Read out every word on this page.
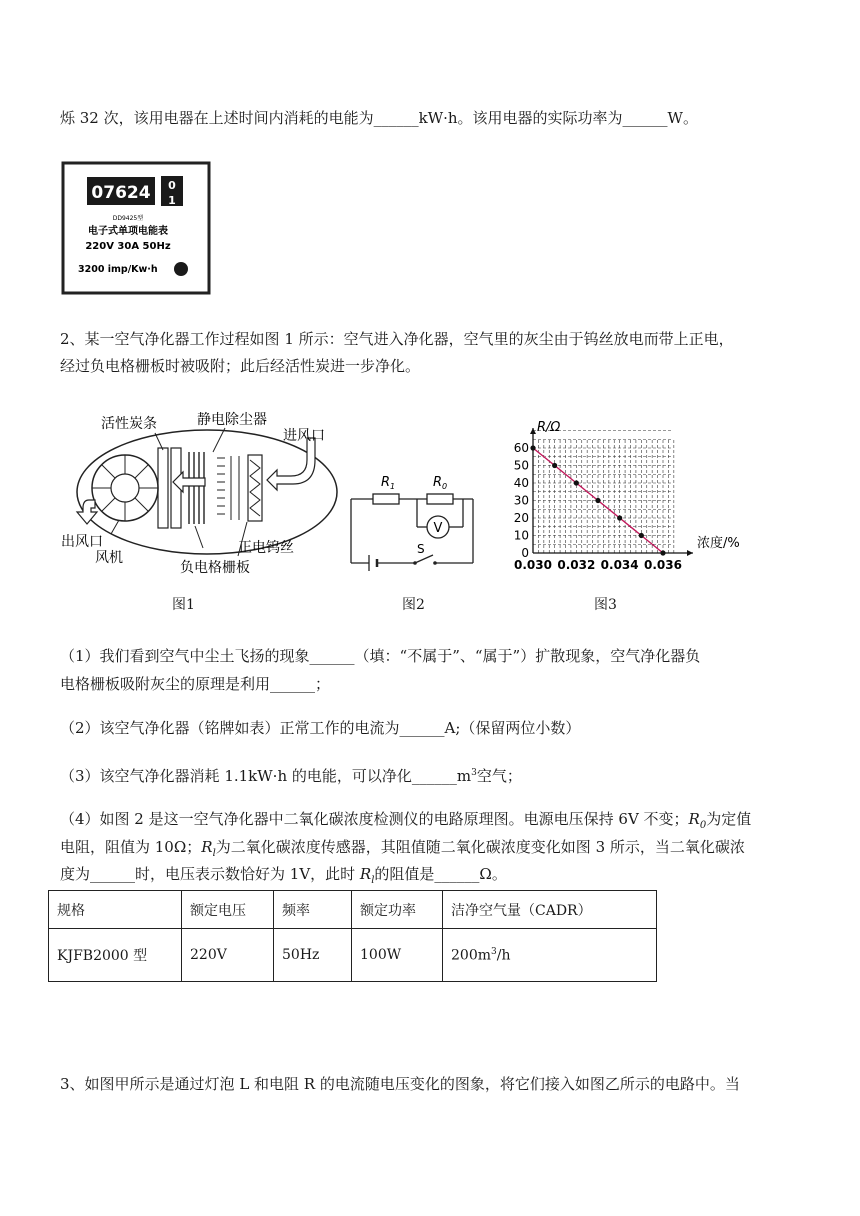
烁 32 次，该用电器在上述时间内消耗的电能为______kW·h。该用电器的实际功率为______W。
07624 0
1
DD9425型
电子式单项电能表
220V 30A 50Hz
3200 imp/Kw·h
2、某一空气净化器工作过程如图 1 所示：空气进入净化器，空气里的灰尘由于钨丝放电而带上正电，
经过负电格栅板时被吸附；此后经活性炭进一步净化。
活性炭条	静电除尘器
进风口
出风口
风机
正电钨丝
负电格栅板
图1
$R_1$	$R_0$
V
S
图2
0
10
20
30
40
50
60
0.030 0.032 0.034 0.036
R/Ω
浓度/%
图3
（1）我们看到空气中尘土飞扬的现象______（填：“不属于”、“属于”）扩散现象，空气净化器负
电格栅板吸附灰尘的原理是利用______；
（2）该空气净化器（铭牌如表）正常工作的电流为______A;（保留两位小数）
（3）该空气净化器消耗 1.1kW·h 的电能，可以净化$\_\_\_\_\_\_m^3$空气；
（4）如图 2 是这一空气净化器中二氧化碳浓度检测仪的电路原理图。电源电压保持 6V 不变；$R_0$为定值
电阻，阻值为 10Ω；$R_l$为二氧化碳浓度传感器，其阻值随二氧化碳浓度变化如图 3 所示，当二氧化碳浓
度为______时，电压表示数恰好为 1V，此时 $R_l$的阻值是______Ω。
规格	额定电压	频率	额定功率	洁净空气量（CADR）
KJFB2000 型	220V	50Hz	100W	$200m^3/h$
3、如图甲所示是通过灯泡 L 和电阻 R 的电流随电压变化的图象，将它们接入如图乙所示的电路中。当
